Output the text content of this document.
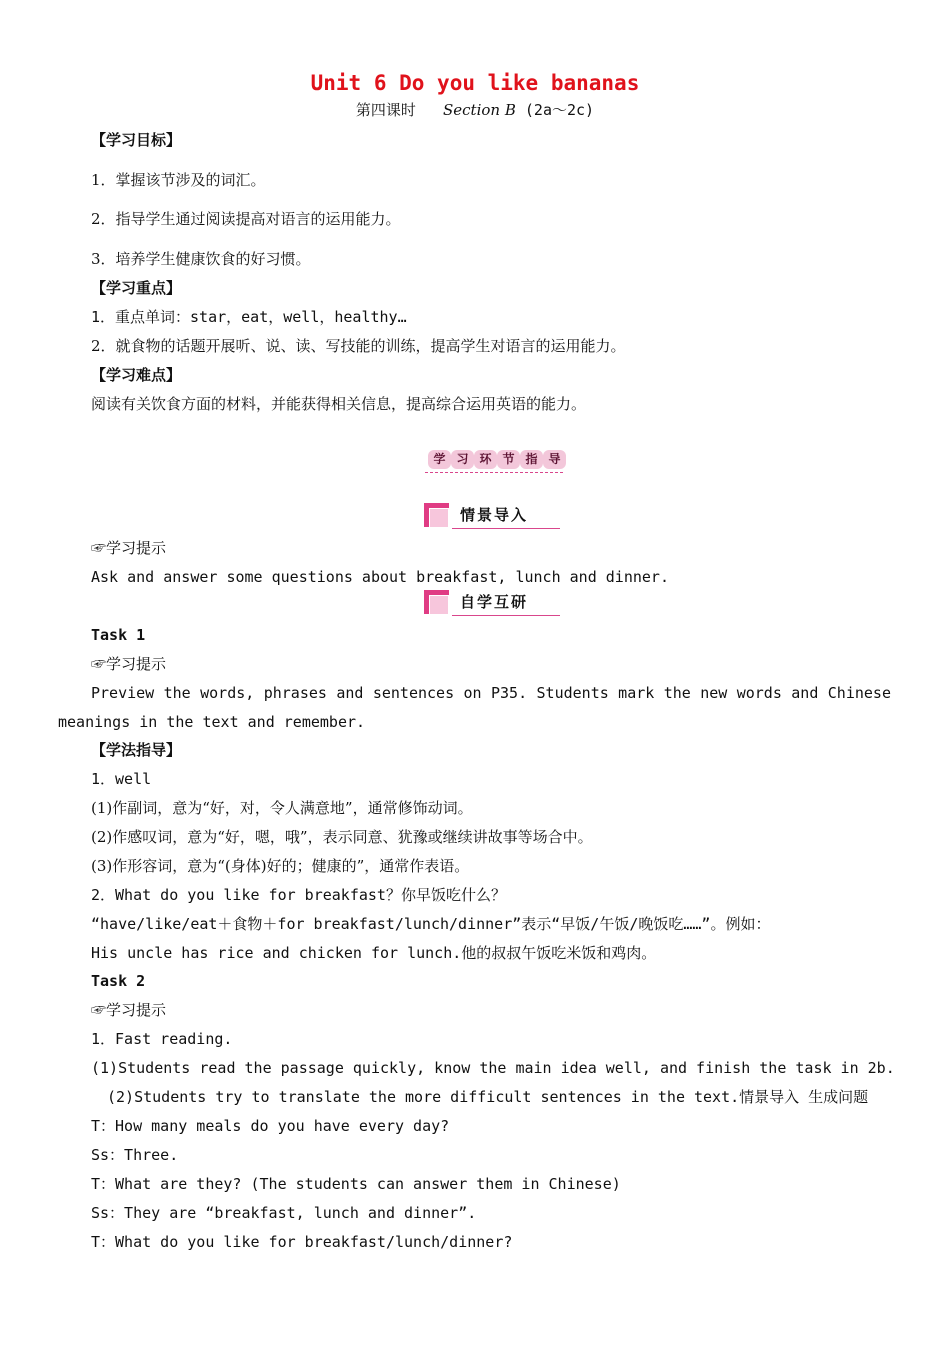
Unit 6 Do you like bananas
第四课时 Section B (2a～2c)
【学习目标】
1．掌握该节涉及的词汇。
2．指导学生通过阅读提高对语言的运用能力。
3．培养学生健康饮食的好习惯。
【学习重点】
1．重点单词：star，eat，well，healthy…
2．就食物的话题开展听、说、读、写技能的训练，提高学生对语言的运用能力。
【学习难点】
阅读有关饮食方面的材料，并能获得相关信息，提高综合运用英语的能力。
学 习 环 节 指 导
情景导入
☞学习提示
Ask and answer some questions about breakfast, lunch and dinner.
自学互研
Task 1
☞学习提示
Preview the words, phrases and sentences on P35. Students mark the new words and Chinese
meanings in the text and remember.
【学法指导】
1．well
(1)作副词，意为“好，对，令人满意地”，通常修饰动词。
(2)作感叹词，意为“好，嗯，哦”，表示同意、犹豫或继续讲故事等场合中。
(3)作形容词，意为“(身体)好的；健康的”，通常作表语。
2．What do you like for breakfast？你早饭吃什么？
“have/like/eat＋食物＋for breakfast/lunch/dinner”表示“早饭/午饭/晚饭吃……”。例如：
His uncle has rice and chicken for lunch.他的叔叔午饭吃米饭和鸡肉。
Task 2
☞学习提示
1．Fast reading.
(1)Students read the passage quickly, know the main idea well, and finish the task in 2b.
(2)Students try to translate the more difficult sentences in the text.情景导入 生成问题
T：How many meals do you have every day?
Ss：Three.
T：What are they? (The students can answer them in Chinese)
Ss：They are “breakfast, lunch and dinner”.
T：What do you like for breakfast/lunch/dinner?
